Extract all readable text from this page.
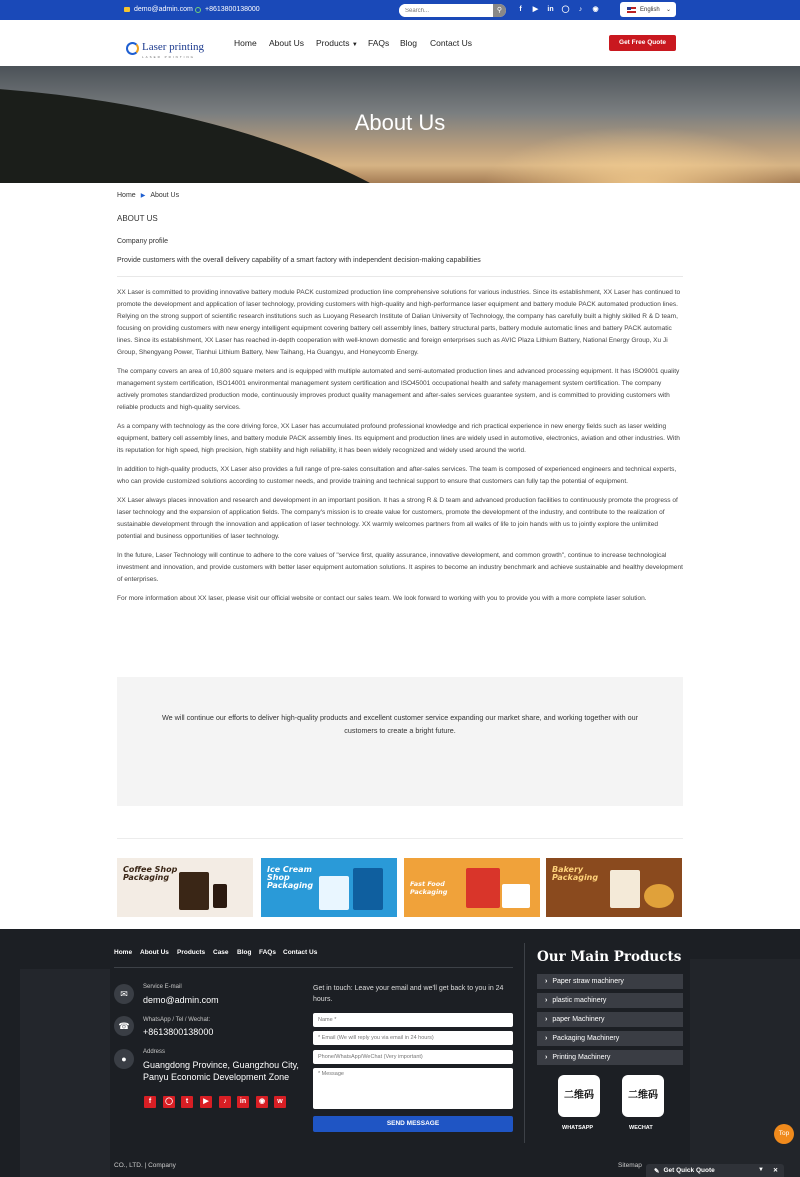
demo@admin.com +8613800138000
Search...	⚲	f	▶ in ◯	♪	◉	English ⌄
Laser printing
LASER PRINTING
Home About Us Products ▼ FAQs Blog Contact Us	Get Free Quote
About Us
Home ▶ About Us
ABOUT US
Company profile
Provide customers with the overall delivery capability of a smart factory with independent decision-making capabilities

XX Laser is committed to providing innovative battery module PACK customized production line comprehensive solutions for various industries. Since its establishment, XX Laser has continued to promote the development and application of laser technology, providing customers with high-quality and high-performance laser equipment and battery module PACK automated production lines. Relying on the strong support of scientific research institutions such as Luoyang Research Institute of Dalian University of Technology, the company has carefully built a highly skilled R & D team, focusing on providing customers with new energy intelligent equipment covering battery cell assembly lines, battery structural parts, battery module automatic lines and battery PACK automatic lines. Since its establishment, XX Laser has reached in-depth cooperation with well-known domestic and foreign enterprises such as AVIC Plaza Lithium Battery, National Energy Group, Xu Ji Group, Shengyang Power, Tianhui Lithium Battery, New Taihang, Ha Guangyu, and Honeycomb Energy.

The company covers an area of 10,800 square meters and is equipped with multiple automated and semi-automated production lines and advanced processing equipment. It has ISO9001 quality management system certification, ISO14001 environmental management system certification and ISO45001 occupational health and safety management system certification. The company actively promotes standardized production mode, continuously improves product quality management and after-sales services guarantee system, and is committed to providing customers with reliable products and high-quality services.

As a company with technology as the core driving force, XX Laser has accumulated profound professional knowledge and rich practical experience in new energy fields such as laser welding equipment, battery cell assembly lines, and battery module PACK assembly lines. Its equipment and production lines are widely used in automotive, electronics, aviation and other industries. With its reputation for high speed, high precision, high stability and high reliability, it has been widely recognized and widely used around the world.

In addition to high-quality products, XX Laser also provides a full range of pre-sales consultation and after-sales services. The team is composed of experienced engineers and technical experts, who can provide customized solutions according to customer needs, and provide training and technical support to ensure that customers can fully tap the potential of equipment.

XX Laser always places innovation and research and development in an important position. It has a strong R & D team and advanced production facilities to continuously promote the progress of laser technology and the expansion of application fields. The company's mission is to create value for customers, promote the development of the industry, and contribute to the realization of sustainable development through the innovation and application of laser technology. XX warmly welcomes partners from all walks of life to join hands with us to jointly explore the unlimited potential and business opportunities of laser technology.

In the future, Laser Technology will continue to adhere to the core values of "service first, quality assurance, innovative development, and common growth", continue to increase technological investment and innovation, and provide customers with better laser equipment automation solutions. It aspires to become an industry benchmark and achieve sustainable and healthy development of enterprises.

For more information about XX laser, please visit our official website or contact our sales team. We look forward to working with you to provide you with a more complete laser solution.

We will continue our efforts to deliver high-quality products and excellent customer service expanding our market share, and working together with our customers to create a bright future.

Coffee Shop Packaging
Ice Cream Shop Packaging	Fast Food Packaging
Bakery Packaging
Home About Us Products Case Blog FAQs Contact Us
✉
Service E-mail
demo@admin.com
☎
WhatsApp / Tel / Wechat:
+8613800138000
●
Address
Guangdong Province, Guangzhou City,
Panyu Economic Development Zone
f	◯	t	▶	♪	in	◉	w
Get in touch: Leave your email and we'll get back to you in 24 hours.
Name *
* Email (We will reply you via email in 24 hours)
Phone/WhatsApp/WeChat (Very important)
* Message
SEND MESSAGE
Our Main Products
› Paper straw machinery
› plastic machinery
› paper Machinery
› Packaging Machinery
› Printing Machinery
二维码	二维码
WHATSAPP	WECHAT
CO., LTD. | Company	Sitemap
Top
✎ Get Quick Quote	▼ ✕
